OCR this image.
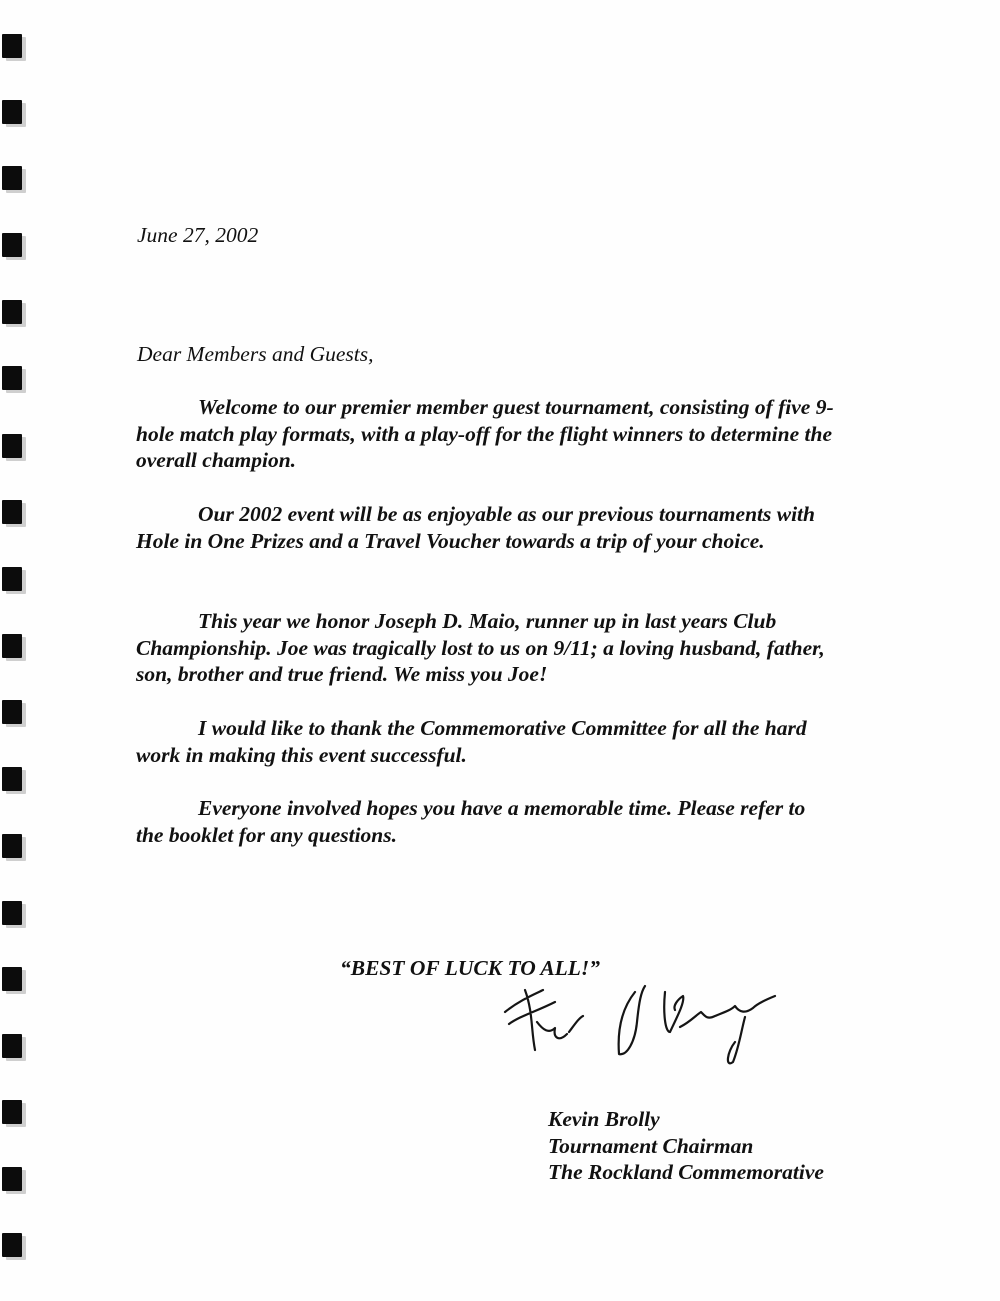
June 27, 2002
Dear Members and Guests,

Welcome to our premier member guest tournament, consisting of five 9-hole match play formats, with a play-off for the flight winners to determine the overall champion.

Our 2002 event will be as enjoyable as our previous tournaments with Hole in One Prizes and a Travel Voucher towards a trip of your choice.

This year we honor Joseph D. Maio, runner up in last years Club Championship. Joe was tragically lost to us on 9/11; a loving husband, father, son, brother and true friend. We miss you Joe!

I would like to thank the Commemorative Committee for all the hard work in making this event successful.

Everyone involved hopes you have a memorable time. Please refer to the booklet for any questions.

“BEST OF LUCK TO ALL!”
Kevin Brolly
Tournament Chairman
The Rockland Commemorative
